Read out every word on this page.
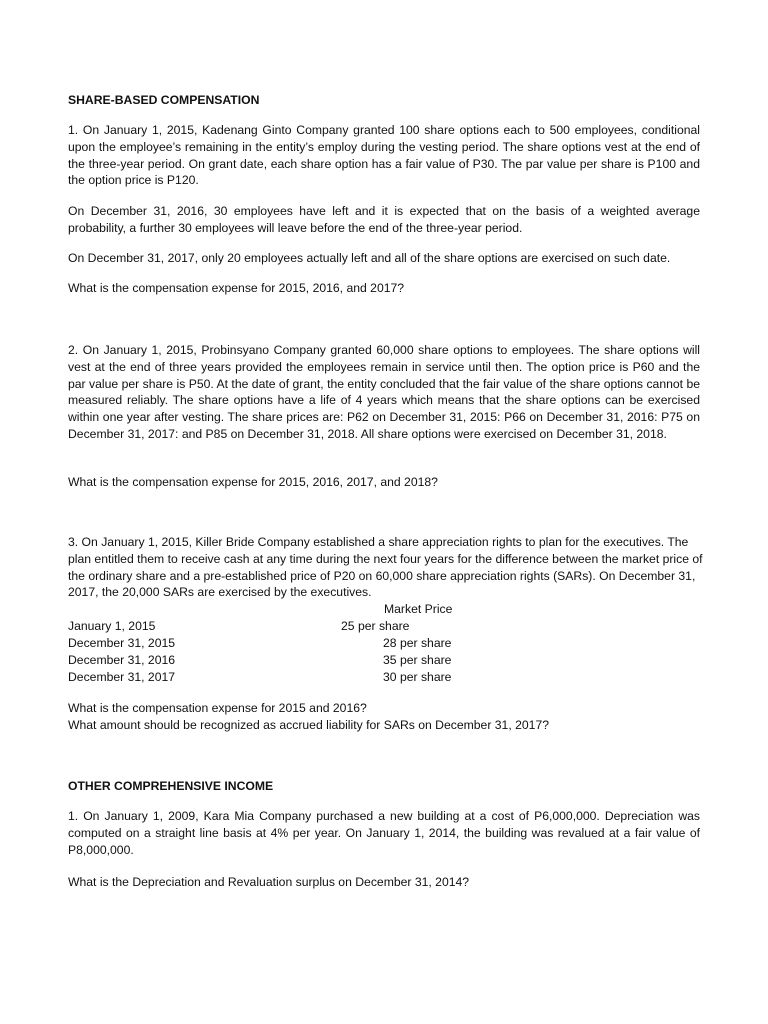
SHARE-BASED COMPENSATION

1. On January 1, 2015, Kadenang Ginto Company granted 100 share options each to 500 employees, conditional upon the employee’s remaining in the entity’s employ during the vesting period. The share options vest at the end of the three-year period. On grant date, each share option has a fair value of P30. The par value per share is P100 and the option price is P120.

On December 31, 2016, 30 employees have left and it is expected that on the basis of a weighted average probability, a further 30 employees will leave before the end of the three-year period.

On December 31, 2017, only 20 employees actually left and all of the share options are exercised on such date.

What is the compensation expense for 2015, 2016, and 2017?

2. On January 1, 2015, Probinsyano Company granted 60,000 share options to employees. The share options will vest at the end of three years provided the employees remain in service until then. The option price is P60 and the par value per share is P50. At the date of grant, the entity concluded that the fair value of the share options cannot be measured reliably. The share options have a life of 4 years which means that the share options can be exercised within one year after vesting. The share prices are: P62 on December 31, 2015: P66 on December 31, 2016: P75 on December 31, 2017: and P85 on December 31, 2018. All share options were exercised on December 31, 2018.

What is the compensation expense for 2015, 2016, 2017, and 2018?

3. On January 1, 2015, Killer Bride Company established a share appreciation rights to plan for the executives. The plan entitled them to receive cash at any time during the next four years for the difference between the market price of the ordinary share and a pre-established price of P20 on 60,000 share appreciation rights (SARs). On December 31, 2017, the 20,000 SARs are exercised by the executives.

Market Price
January 1, 2015	25 per share
December 31, 2015	28 per share
December 31, 2016	35 per share
December 31, 2017	30 per share

What is the compensation expense for 2015 and 2016?

What amount should be recognized as accrued liability for SARs on December 31, 2017?

OTHER COMPREHENSIVE INCOME

1. On January 1, 2009, Kara Mia Company purchased a new building at a cost of P6,000,000. Depreciation was computed on a straight line basis at 4% per year. On January 1, 2014, the building was revalued at a fair value of P8,000,000.

What is the Depreciation and Revaluation surplus on December 31, 2014?
